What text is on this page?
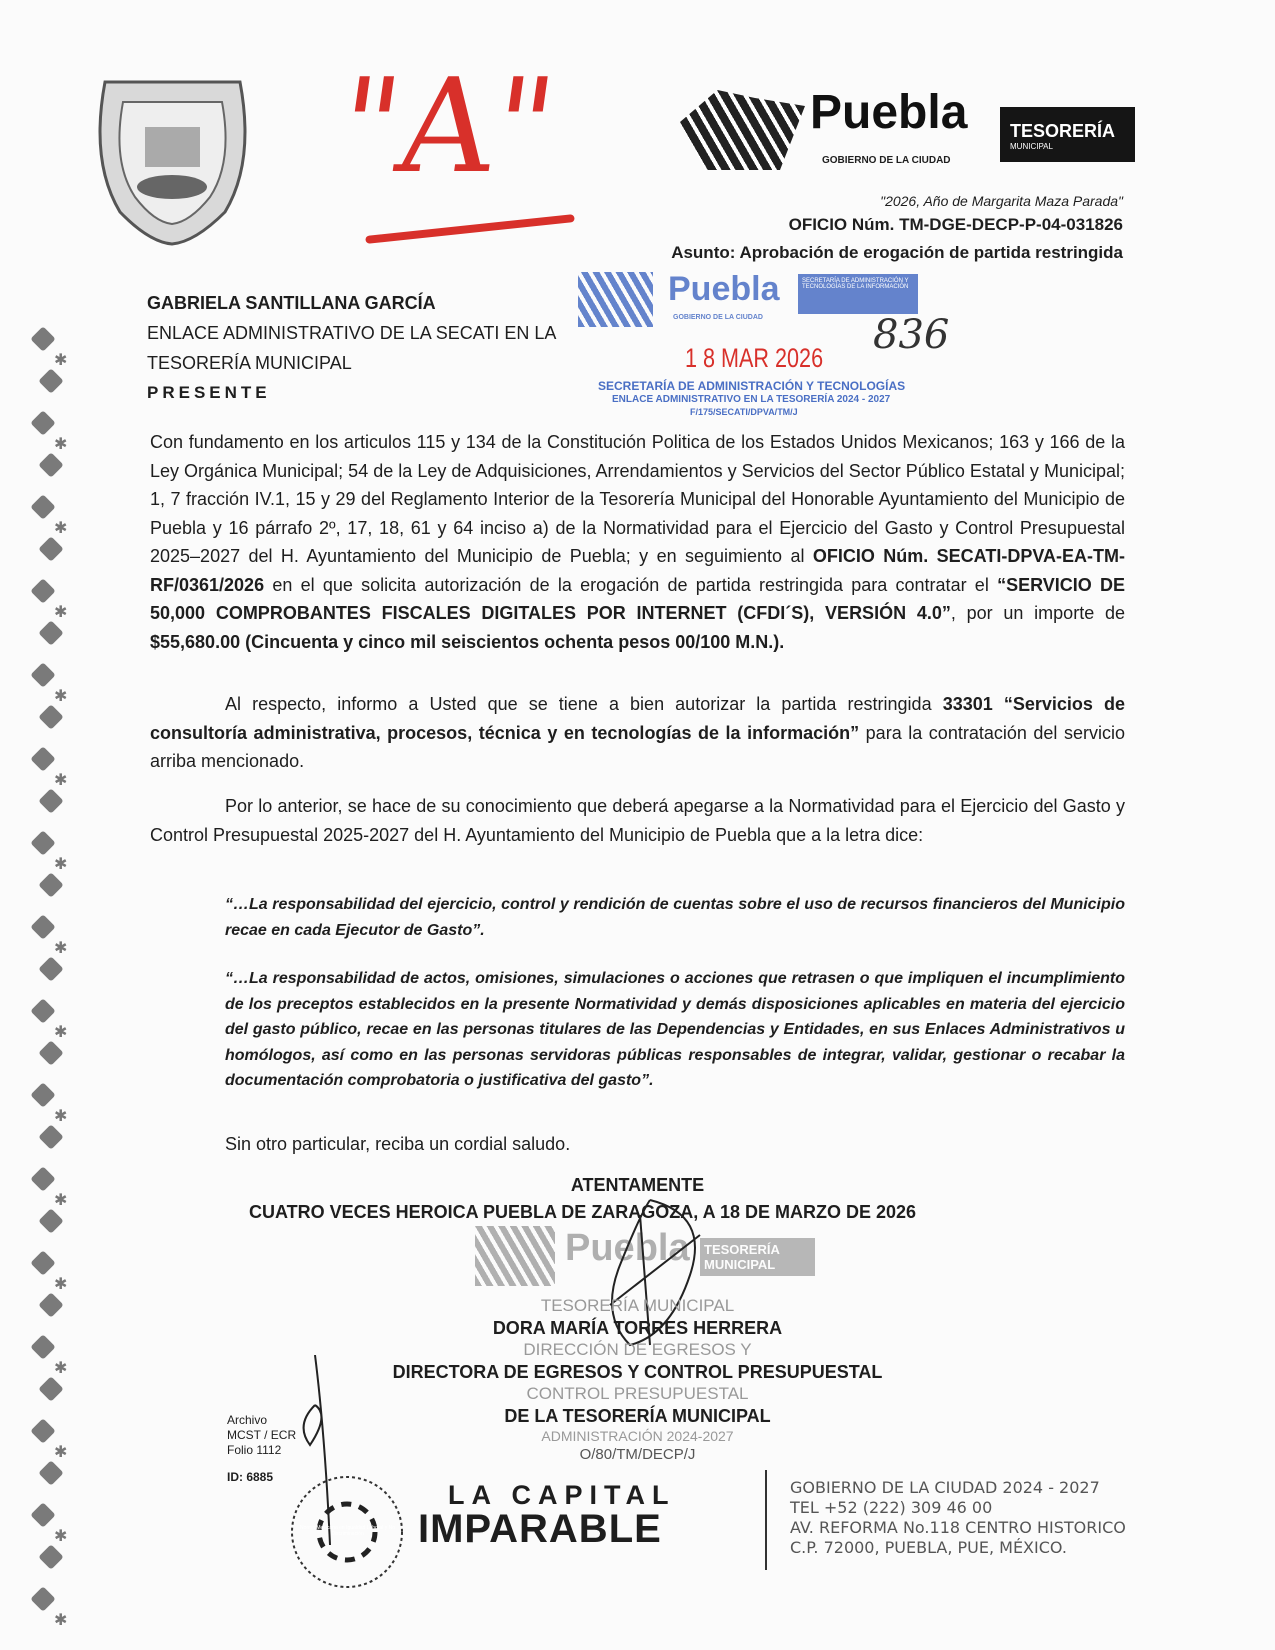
✱
✱
✱
✱
✱
✱
✱
✱
✱
✱
✱
✱
✱
✱
✱
✱
"A"	Puebla
GOBIERNO DE LA CIUDAD
TESORERÍA
MUNICIPAL
"2026, Año de Margarita Maza Parada"
OFICIO Núm. TM-DGE-DECP-P-04-031826
Asunto: Aprobación de erogación de partida restringida
Puebla
GOBIERNO DE LA CIUDAD
SECRETARÍA DE ADMINISTRACIÓN Y TECNOLOGÍAS DE LA INFORMACIÓN
836
1 8 MAR 2026
SECRETARÍA DE ADMINISTRACIÓN Y TECNOLOGÍAS
ENLACE ADMINISTRATIVO EN LA TESORERÍA 2024 - 2027
F/175/SECATI/DPVA/TM/J
GABRIELA SANTILLANA GARCÍA
ENLACE ADMINISTRATIVO DE LA SECATI EN LA
TESORERÍA MUNICIPAL
PRESENTE
Con fundamento en los articulos 115 y 134 de la Constitución Politica de los Estados Unidos Mexicanos; 163 y 166 de la Ley Orgánica Municipal; 54 de la Ley de Adquisiciones, Arrendamientos y Servicios del Sector Público Estatal y Municipal; 1, 7 fracción IV.1, 15 y 29 del Reglamento Interior de la Tesorería Municipal del Honorable Ayuntamiento del Municipio de Puebla y 16 párrafo 2º, 17, 18, 61 y 64 inciso a) de la Normatividad para el Ejercicio del Gasto y Control Presupuestal 2025–2027 del H. Ayuntamiento del Municipio de Puebla; y en seguimiento al OFICIO Núm. SECATI-DPVA-EA-TM-RF/0361/2026 en el que solicita autorización de la erogación de partida restringida para contratar el “SERVICIO DE 50,000 COMPROBANTES FISCALES DIGITALES POR INTERNET (CFDI´S), VERSIÓN 4.0”, por un importe de $55,680.00 (Cincuenta y cinco mil seiscientos ochenta pesos 00/100 M.N.).
Al respecto, informo a Usted que se tiene a bien autorizar la partida restringida 33301 “Servicios de consultoría administrativa, procesos, técnica y en tecnologías de la información” para la contratación del servicio arriba mencionado.
Por lo anterior, se hace de su conocimiento que deberá apegarse a la Normatividad para el Ejercicio del Gasto y Control Presupuestal 2025-2027 del H. Ayuntamiento del Municipio de Puebla que a la letra dice:
“…La responsabilidad del ejercicio, control y rendición de cuentas sobre el uso de recursos financieros del Municipio recae en cada Ejecutor de Gasto”.
“…La responsabilidad de actos, omisiones, simulaciones o acciones que retrasen o que impliquen el incumplimiento de los preceptos establecidos en la presente Normatividad y demás disposiciones aplicables en materia del ejercicio del gasto público, recae en las personas titulares de las Dependencias y Entidades, en sus Enlaces Administrativos u homólogos, así como en las personas servidoras públicas responsables de integrar, validar, gestionar o recabar la documentación comprobatoria o justificativa del gasto”.
Sin otro particular, reciba un cordial saludo.
ATENTAMENTE
CUATRO VECES HEROICA PUEBLA DE ZARAGOZA, A 18 DE MARZO DE 2026
Puebla	TESORERÍA MUNICIPAL
TESORERÍA MUNICIPAL
DORA MARÍA TORRES HERRERA
DIRECCIÓN DE EGRESOS Y
DIRECTORA DE EGRESOS Y CONTROL PRESUPUESTAL
CONTROL PRESUPUESTAL
DE LA TESORERÍA MUNICIPAL
ADMINISTRACIÓN 2024-2027
O/80/TM/DECP/J
Archivo
MCST / ECR
Folio 1112
ID: 6885
Norma Mexicana en Igualdad Laboral y No Discriminación
LA CAPITAL
IMPARABLE
GOBIERNO DE LA CIUDAD 2024 - 2027
TEL +52 (222) 309 46 00
AV. REFORMA No.118 CENTRO HISTORICO
C.P. 72000, PUEBLA, PUE, MÉXICO.
